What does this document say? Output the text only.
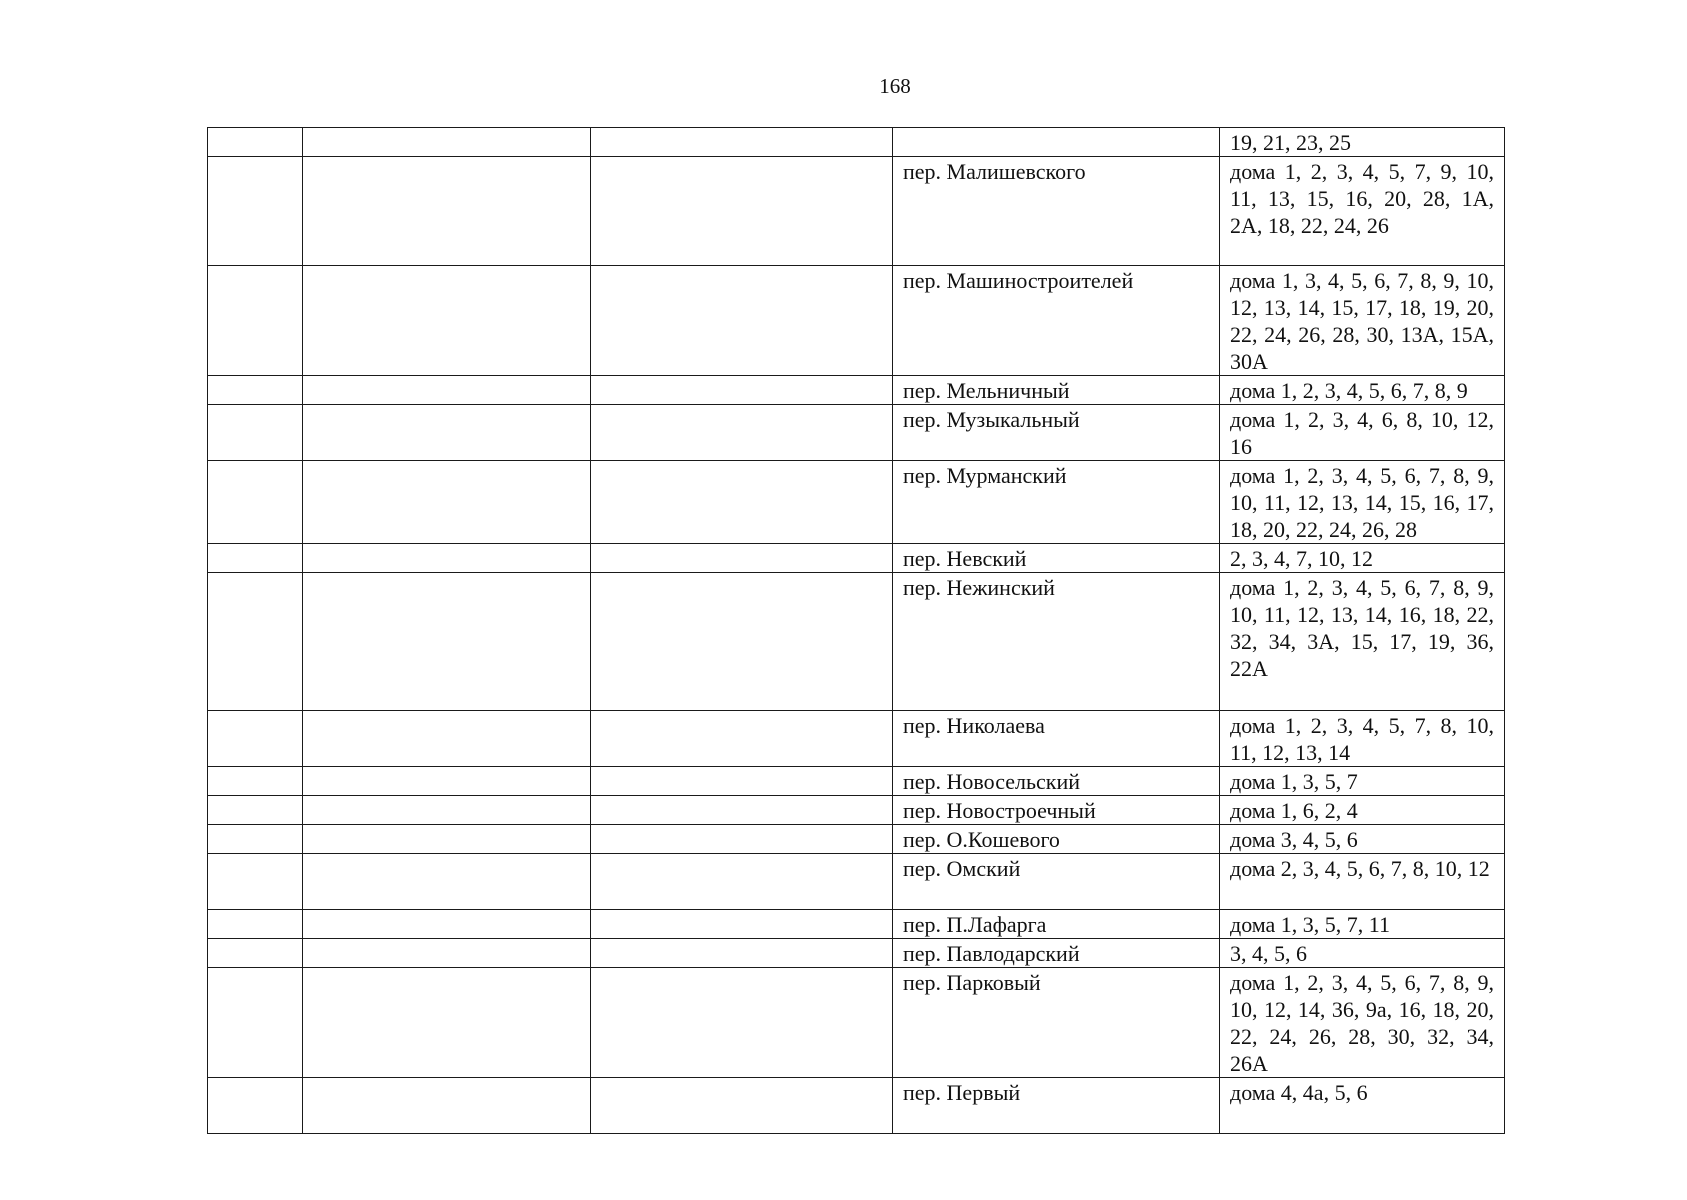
168
				19, 21, 23, 25
			пер. Малишевского	дома 1, 2, 3, 4, 5, 7, 9, 10, 11, 13, 15, 16, 20, 28, 1А, 2А, 18, 22, 24, 26
			пер. Машиностроителей	дома 1, 3, 4, 5, 6, 7, 8, 9, 10, 12, 13, 14, 15, 17, 18, 19, 20, 22, 24, 26, 28, 30, 13А, 15А, 30А
			пер. Мельничный	дома 1, 2, 3, 4, 5, 6, 7, 8, 9
			пер. Музыкальный	дома 1, 2, 3, 4, 6, 8, 10, 12, 16
			пер. Мурманский	дома 1, 2, 3, 4, 5, 6, 7, 8, 9, 10, 11, 12, 13, 14, 15, 16, 17, 18, 20, 22, 24, 26, 28
			пер. Невский	2, 3, 4, 7, 10, 12
			пер. Нежинский	дома 1, 2, 3, 4, 5, 6, 7, 8, 9, 10, 11, 12, 13, 14, 16, 18, 22, 32, 34, 3А, 15, 17, 19, 36, 22А
			пер. Николаева	дома 1, 2, 3, 4, 5, 7, 8, 10, 11, 12, 13, 14
			пер. Новосельский	дома 1, 3, 5, 7
			пер. Новостроечный	дома 1, 6, 2, 4
			пер. О.Кошевого	дома 3, 4, 5, 6
			пер. Омский	дома 2, 3, 4, 5, 6, 7, 8, 10, 12
			пер. П.Лафарга	дома 1, 3, 5, 7, 11
			пер. Павлодарский	3, 4, 5, 6
			пер. Парковый	дома 1, 2, 3, 4, 5, 6, 7, 8, 9, 10, 12, 14, 36, 9а, 16, 18, 20, 22, 24, 26, 28, 30, 32, 34, 26А
			пер. Первый	дома 4, 4а, 5, 6
